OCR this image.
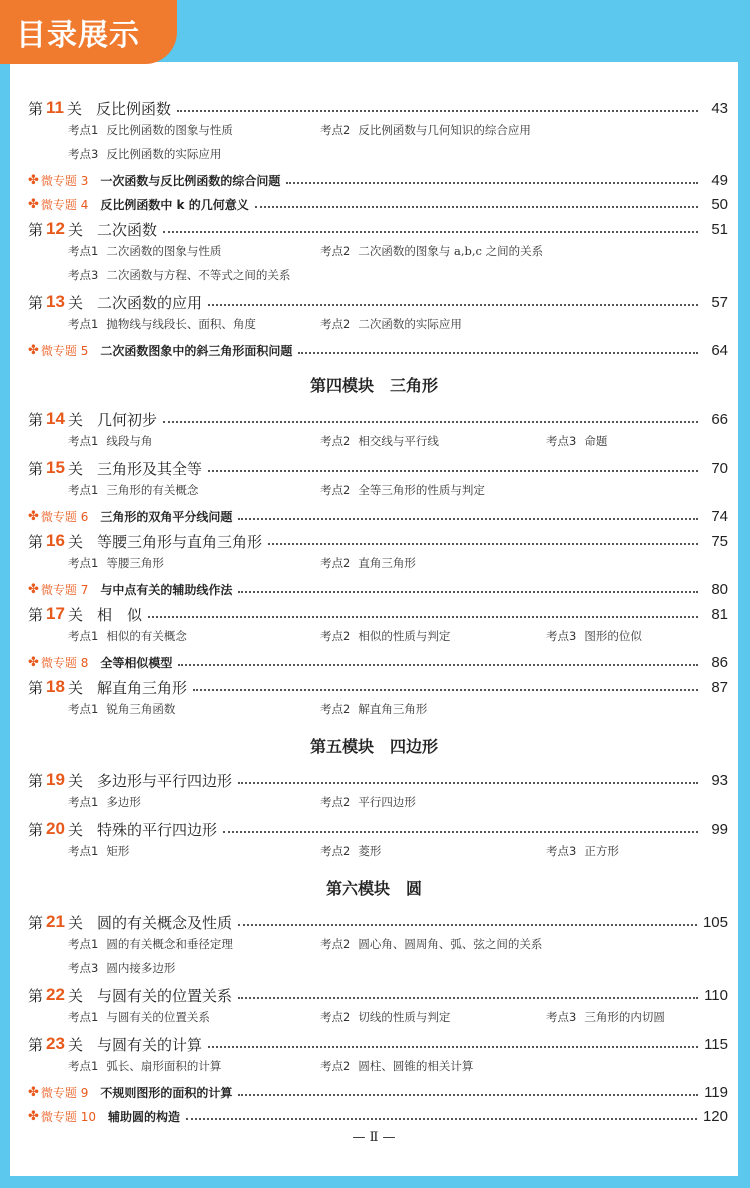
第 11 关 反比例函数	43
考点1 反比例函数的图象与性质	考点2 反比例函数与几何知识的综合应用
考点3 反比例函数的实际应用
✤ 微专题 3 一次函数与反比例函数的综合问题	49
✤ 微专题 4 反比例函数中 k 的几何意义	50
第 12 关 二次函数	51
考点1 二次函数的图象与性质	考点2 二次函数的图象与 a,b,c 之间的关系
考点3 二次函数与方程、不等式之间的关系
第 13 关 二次函数的应用	57
考点1 抛物线与线段长、面积、角度	考点2 二次函数的实际应用
✤ 微专题 5 二次函数图象中的斜三角形面积问题	64
第四模块　三角形
第 14 关 几何初步	66
考点1 线段与角	考点2 相交线与平行线	考点3 命题
第 15 关 三角形及其全等	70
考点1 三角形的有关概念	考点2 全等三角形的性质与判定
✤ 微专题 6 三角形的双角平分线问题	74
第 16 关 等腰三角形与直角三角形	75
考点1 等腰三角形	考点2 直角三角形
✤ 微专题 7 与中点有关的辅助线作法	80
第 17 关 相　似	81
考点1 相似的有关概念	考点2 相似的性质与判定	考点3 图形的位似
✤ 微专题 8 全等相似模型	86
第 18 关 解直角三角形	87
考点1 锐角三角函数	考点2 解直角三角形
第五模块　四边形
第 19 关 多边形与平行四边形	93
考点1 多边形	考点2 平行四边形
第 20 关 特殊的平行四边形	99
考点1 矩形	考点2 菱形	考点3 正方形
第六模块　圆
第 21 关 圆的有关概念及性质	105
考点1 圆的有关概念和垂径定理	考点2 圆心角、圆周角、弧、弦之间的关系
考点3 圆内接多边形
第 22 关 与圆有关的位置关系	110
考点1 与圆有关的位置关系	考点2 切线的性质与判定	考点3 三角形的内切圆
第 23 关 与圆有关的计算	115
考点1 弧长、扇形面积的计算	考点2 圆柱、圆锥的相关计算
✤ 微专题 9 不规则图形的面积的计算	119
✤ 微专题 10 辅助圆的构造	120
— Ⅱ —
目录展示
